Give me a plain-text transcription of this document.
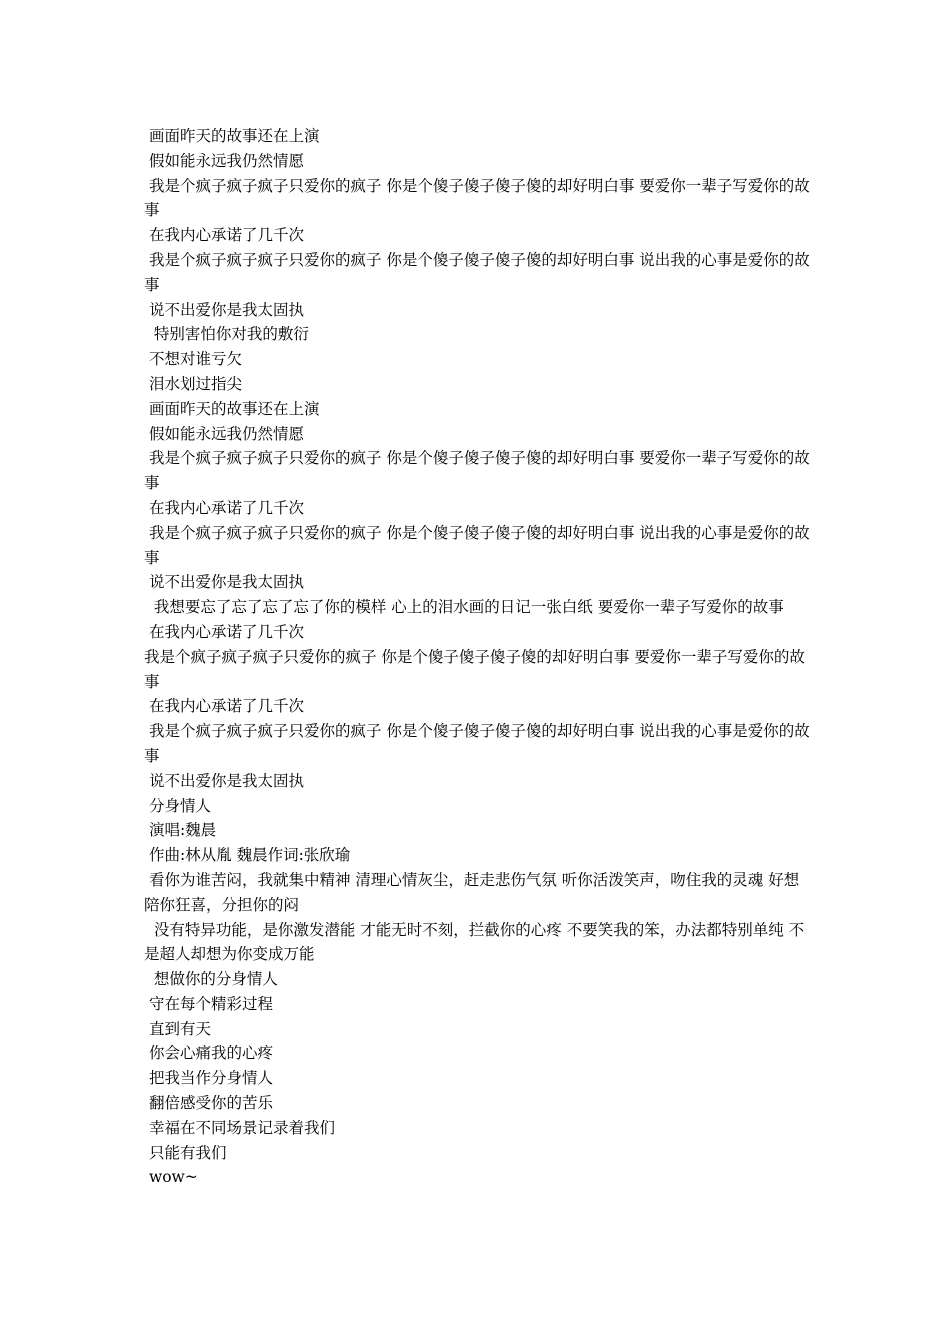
画面昨天的故事还在上演

假如能永远我仍然情愿

我是个疯子疯子疯子只爱你的疯子 你是个傻子傻子傻子傻的却好明白事 要爱你一辈子写爱你的故事

在我内心承诺了几千次

我是个疯子疯子疯子只爱你的疯子 你是个傻子傻子傻子傻的却好明白事 说出我的心事是爱你的故事

说不出爱你是我太固执

特别害怕你对我的敷衍

不想对谁亏欠

泪水划过指尖

画面昨天的故事还在上演

假如能永远我仍然情愿

我是个疯子疯子疯子只爱你的疯子 你是个傻子傻子傻子傻的却好明白事 要爱你一辈子写爱你的故事

在我内心承诺了几千次

我是个疯子疯子疯子只爱你的疯子 你是个傻子傻子傻子傻的却好明白事 说出我的心事是爱你的故事

说不出爱你是我太固执

我想要忘了忘了忘了忘了你的模样 心上的泪水画的日记一张白纸 要爱你一辈子写爱你的故事

在我内心承诺了几千次

我是个疯子疯子疯子只爱你的疯子 你是个傻子傻子傻子傻的却好明白事 要爱你一辈子写爱你的故事

在我内心承诺了几千次

我是个疯子疯子疯子只爱你的疯子 你是个傻子傻子傻子傻的却好明白事 说出我的心事是爱你的故事

说不出爱你是我太固执

分身情人

演唱:魏晨

作曲:林从胤 魏晨作词:张欣瑜

看你为谁苦闷，我就集中精神 清理心情灰尘，赶走悲伤气氛 听你活泼笑声，吻住我的灵魂 好想陪你狂喜，分担你的闷

没有特异功能，是你激发潜能 才能无时不刻，拦截你的心疼 不要笑我的笨，办法都特别单纯 不是超人却想为你变成万能

想做你的分身情人

守在每个精彩过程

直到有天

你会心痛我的心疼

把我当作分身情人

翻倍感受你的苦乐

幸福在不同场景记录着我们

只能有我们

wow~
